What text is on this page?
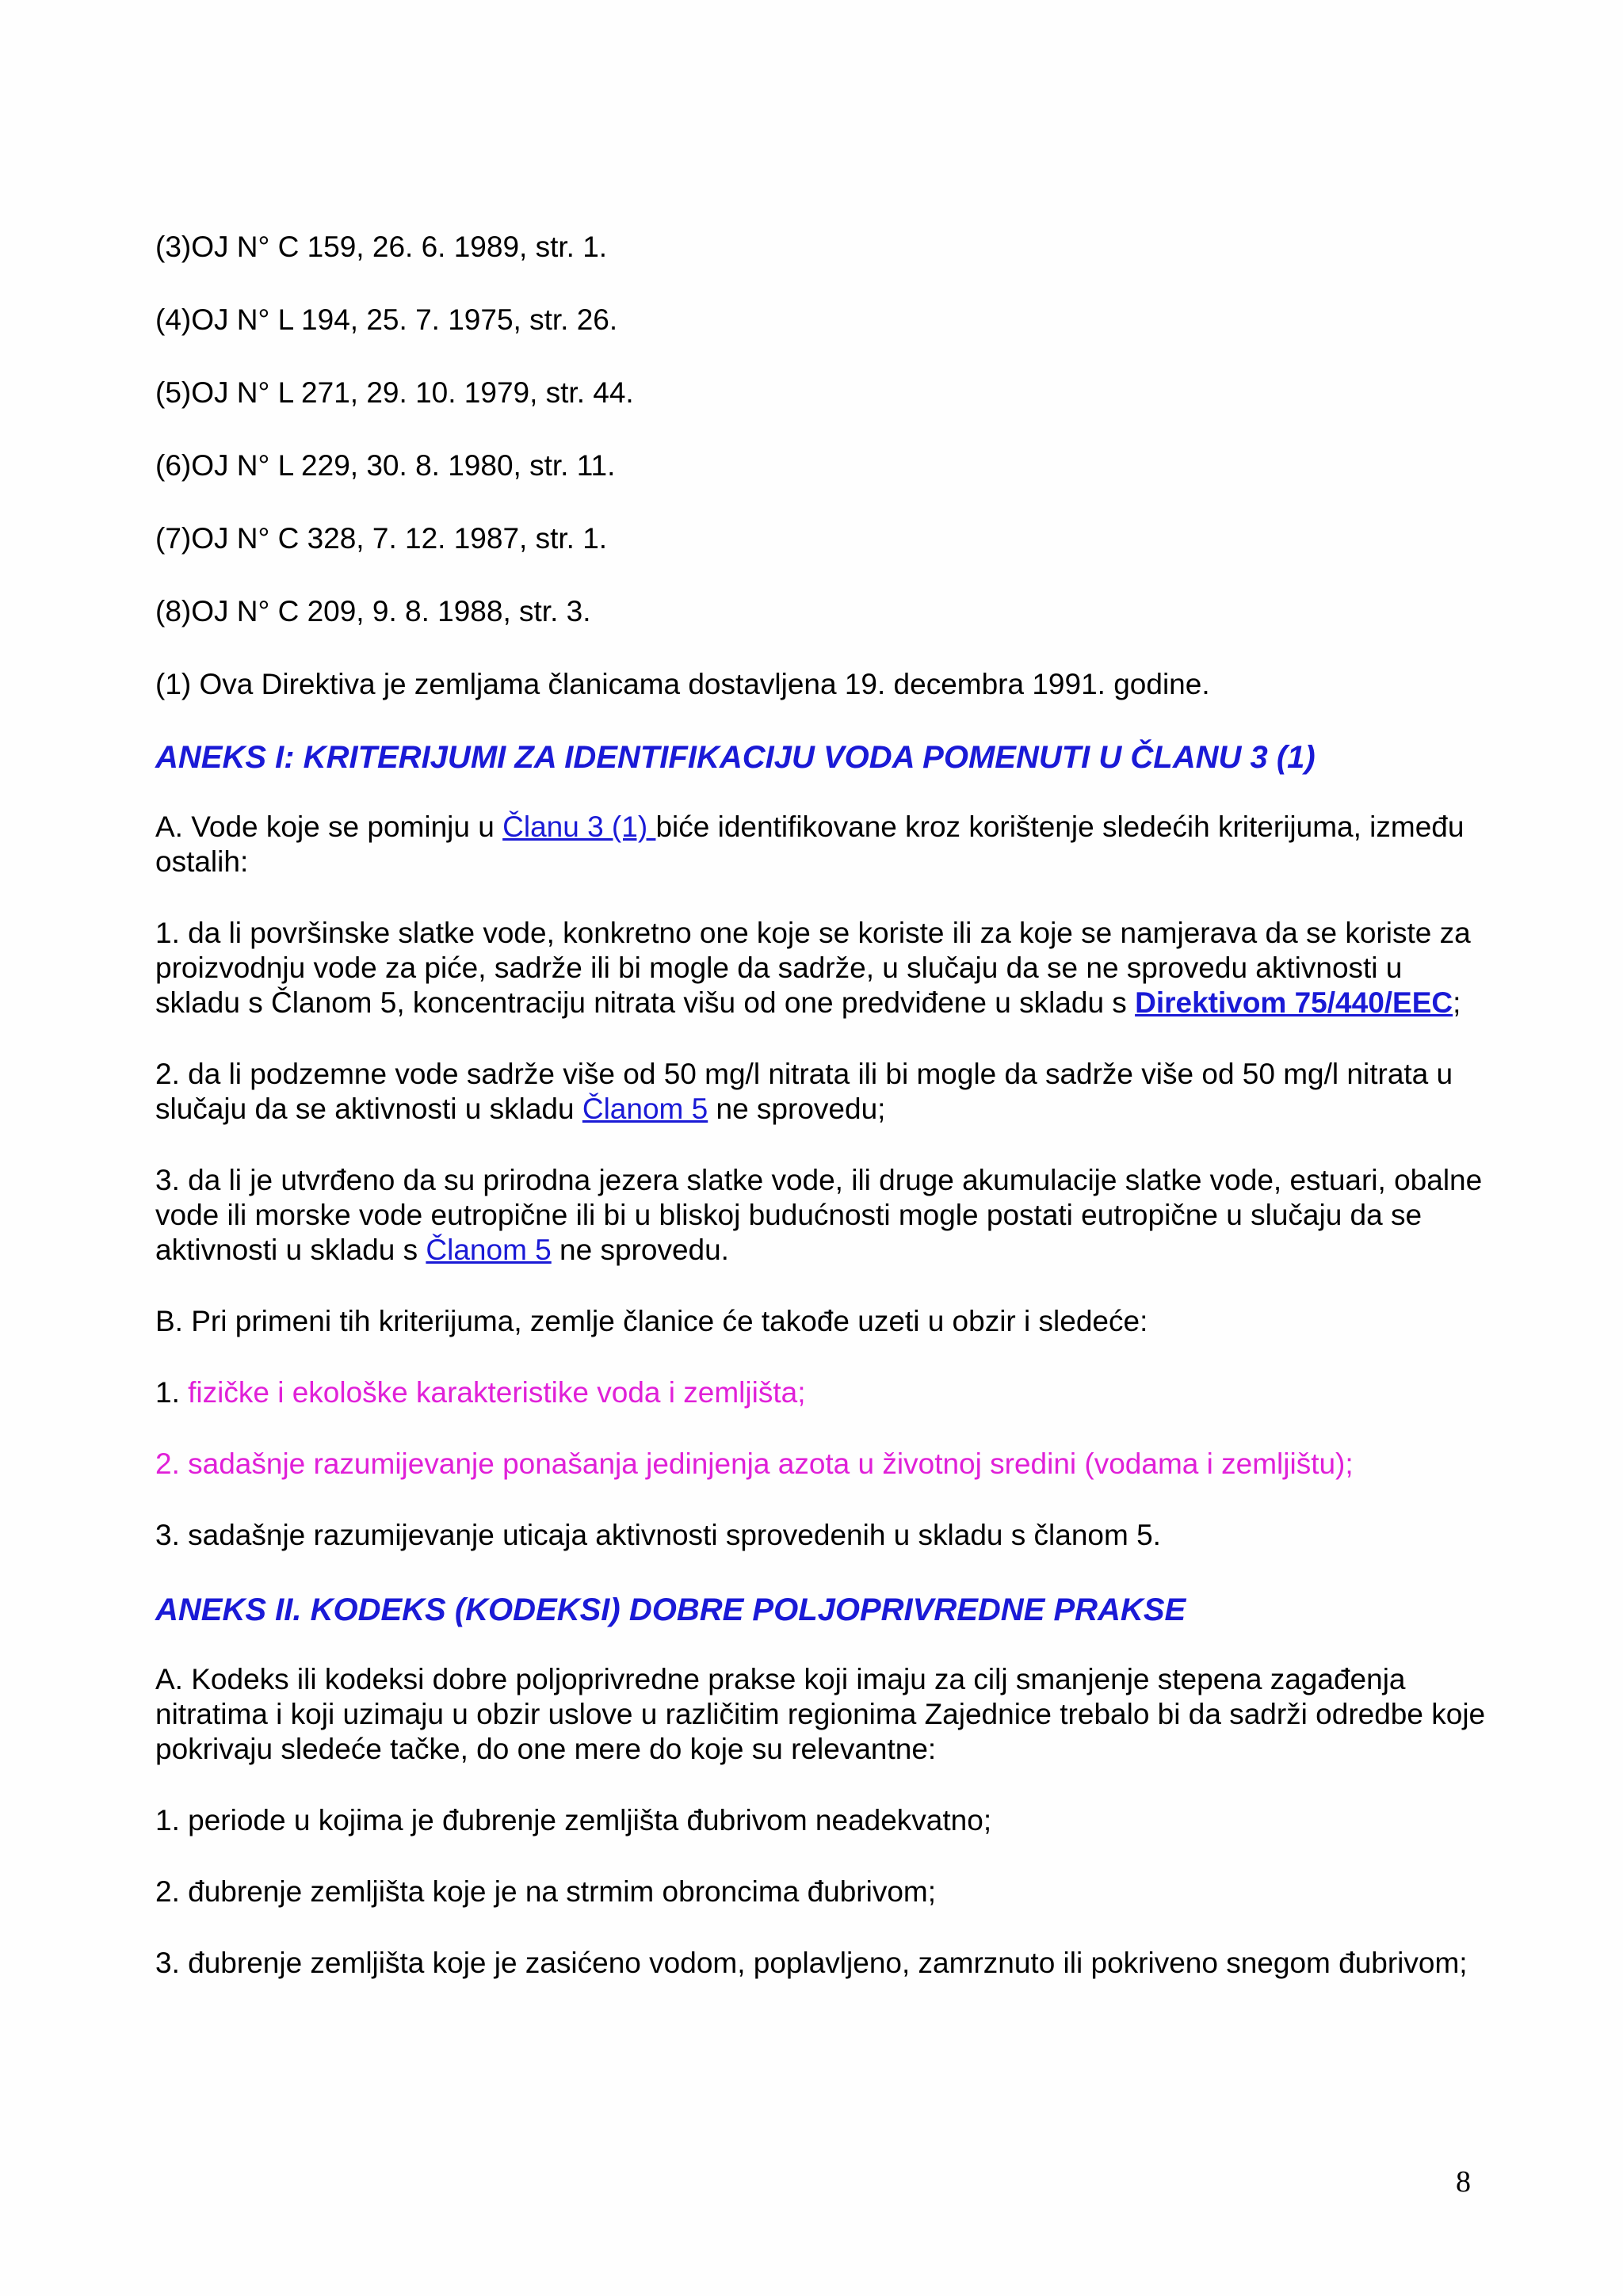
(3)OJ N° C 159, 26. 6. 1989, str. 1.

(4)OJ N° L 194, 25. 7. 1975, str. 26.

(5)OJ N° L 271, 29. 10. 1979, str. 44.

(6)OJ N° L 229, 30. 8. 1980, str. 11.

(7)OJ N° C 328, 7. 12. 1987, str. 1.

(8)OJ N° C 209, 9. 8. 1988, str. 3.

(1) Ova Direktiva je zemljama članicama dostavljena 19. decembra 1991. godine.

ANEKS I: KRITERIJUMI ZA IDENTIFIKACIJU VODA POMENUTI U ČLANU 3 (1)

A. Vode koje se pominju u Članu 3 (1) biće identifikovane kroz korištenje sledećih kriterijuma, između ostalih:

1. da li površinske slatke vode, konkretno one koje se koriste ili za koje se namjerava da se koriste za proizvodnju vode za piće, sadrže ili bi mogle da sadrže, u slučaju da se ne sprovedu aktivnosti u skladu s Članom 5, koncentraciju nitrata višu od one predviđene u skladu s Direktivom 75/440/EEC;

2. da li podzemne vode sadrže više od 50 mg/l nitrata ili bi mogle da sadrže više od 50 mg/l nitrata u slučaju da se aktivnosti u skladu Članom 5 ne sprovedu;

3. da li je utvrđeno da su prirodna jezera slatke vode, ili druge akumulacije slatke vode, estuari, obalne vode ili morske vode eutropične ili bi u bliskoj budućnosti mogle postati eutropične u slučaju da se aktivnosti u skladu s Članom 5 ne sprovedu.

B. Pri primeni tih kriterijuma, zemlje članice će takođe uzeti u obzir i sledeće:

1. fizičke i ekološke karakteristike voda i zemljišta;

2. sadašnje razumijevanje ponašanja jedinjenja azota u životnoj sredini (vodama i zemljištu);

3. sadašnje razumijevanje uticaja aktivnosti sprovedenih u skladu s članom 5.

ANEKS II. KODEKS (KODEKSI) DOBRE POLJOPRIVREDNE PRAKSE

A. Kodeks ili kodeksi dobre poljoprivredne prakse koji imaju za cilj smanjenje stepena zagađenja nitratima i koji uzimaju u obzir uslove u različitim regionima Zajednice trebalo bi da sadrži odredbe koje pokrivaju sledeće tačke, do one mere do koje su relevantne:

1. periode u kojima je đubrenje zemljišta đubrivom neadekvatno;

2. đubrenje zemljišta koje je na strmim obroncima đubrivom;

3. đubrenje zemljišta koje je zasićeno vodom, poplavljeno, zamrznuto ili pokriveno snegom đubrivom;

8
